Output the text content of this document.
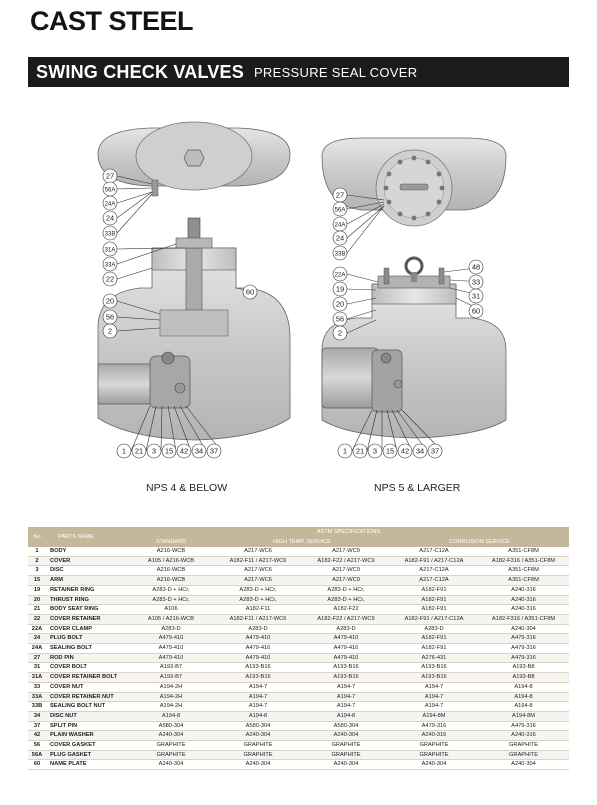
CAST STEEL
SWING CHECK VALVES PRESSURE SEAL COVER
27
56A
24A
24
33B
31A
33A
22
20
56
2
60
1 21 3 15 42 34 37
27
56A
24A
24
33B
22A
19
20
56
2
48
33
31
60
1 21 3 15 42 34 37
NPS 4 & BELOW	NPS 5 & LARGER
No	PARTS NAME	ASTM SPECIFICATIONS				
		STANDARD	HIGH TEMP. SERVICE		CORROSION SERVICE	
1	BODY	A216-WCB	A217-WC6	A217-WC9	A217-C12A	A351-CF8M
2	COVER	A105 / A216-WCB	A182-F11 / A217-WC6	A182-F22 / A217-WC9	A182-F91 / A217-C12A	A182-F316 / A351-CF8M
3	DISC	A216-WCB	A217-WC6	A217-WC9	A217-C12A	A351-CF8M
15	ARM	A216-WCB	A217-WC6	A217-WC9	A217-C12A	A351-CF8M
19	RETAINER RING	A283-D + HCr,	A283-D + HCr,	A283-D + HCr,	A182-F91	A240-316
20	THRUST RING	A283-D + HCr,	A283-D + HCr,	A283-D + HCr,	A182-F91	A240-316
21	BODY SEAT RING	A106	A182-F11	A182-F22	A182-F91	A240-316
22	COVER RETAINER	A105 / A216-WCB	A182-F11 / A217-WC6	A182-F22 / A217-WC9	A182-F91 / A217-C12A	A182-F316 / A351-CF8M
22A	COVER CLAMP	A283-D	A283-D	A283-D	A283-D	A240-304
24	PLUG BOLT	A479-410	A479-410	A479-410	A182-F91	A479-316
24A	SEALING BOLT	A479-410	A479-410	A479-410	A182-F91	A479-316
27	ROD PIN	A479-410	A479-410	A479-410	A276-431	A479-316
31	COVER BOLT	A193-B7	A193-B16	A193-B16	A193-B16	A193-B8
31A	COVER RETAINER BOLT	A193-B7	A193-B16	A193-B16	A193-B16	A193-B8
33	COVER NUT	A194-2H	A194-7	A194-7	A194-7	A194-8
33A	COVER RETAINER NUT	A194-2H	A194-7	A194-7	A194-7	A194-8
33B	SEALING BOLT NUT	A194-2H	A194-7	A194-7	A194-7	A194-8
34	DISC NUT	A194-8	A194-8	A194-8	A194-8M	A194-8M
37	SPLIT PIN	A580-304	A580-304	A580-304	A479-316	A479-316
42	PLAIN WASHER	A240-304	A240-304	A240-304	A240-316	A240-316
56	COVER GASKET	GRAPHITE	GRAPHITE	GRAPHITE	GRAPHITE	GRAPHITE
56A	PLUG GASKET	GRAPHITE	GRAPHITE	GRAPHITE	GRAPHITE	GRAPHITE
60	NAME PLATE	A240-304	A240-304	A240-304	A240-304	A240-304
